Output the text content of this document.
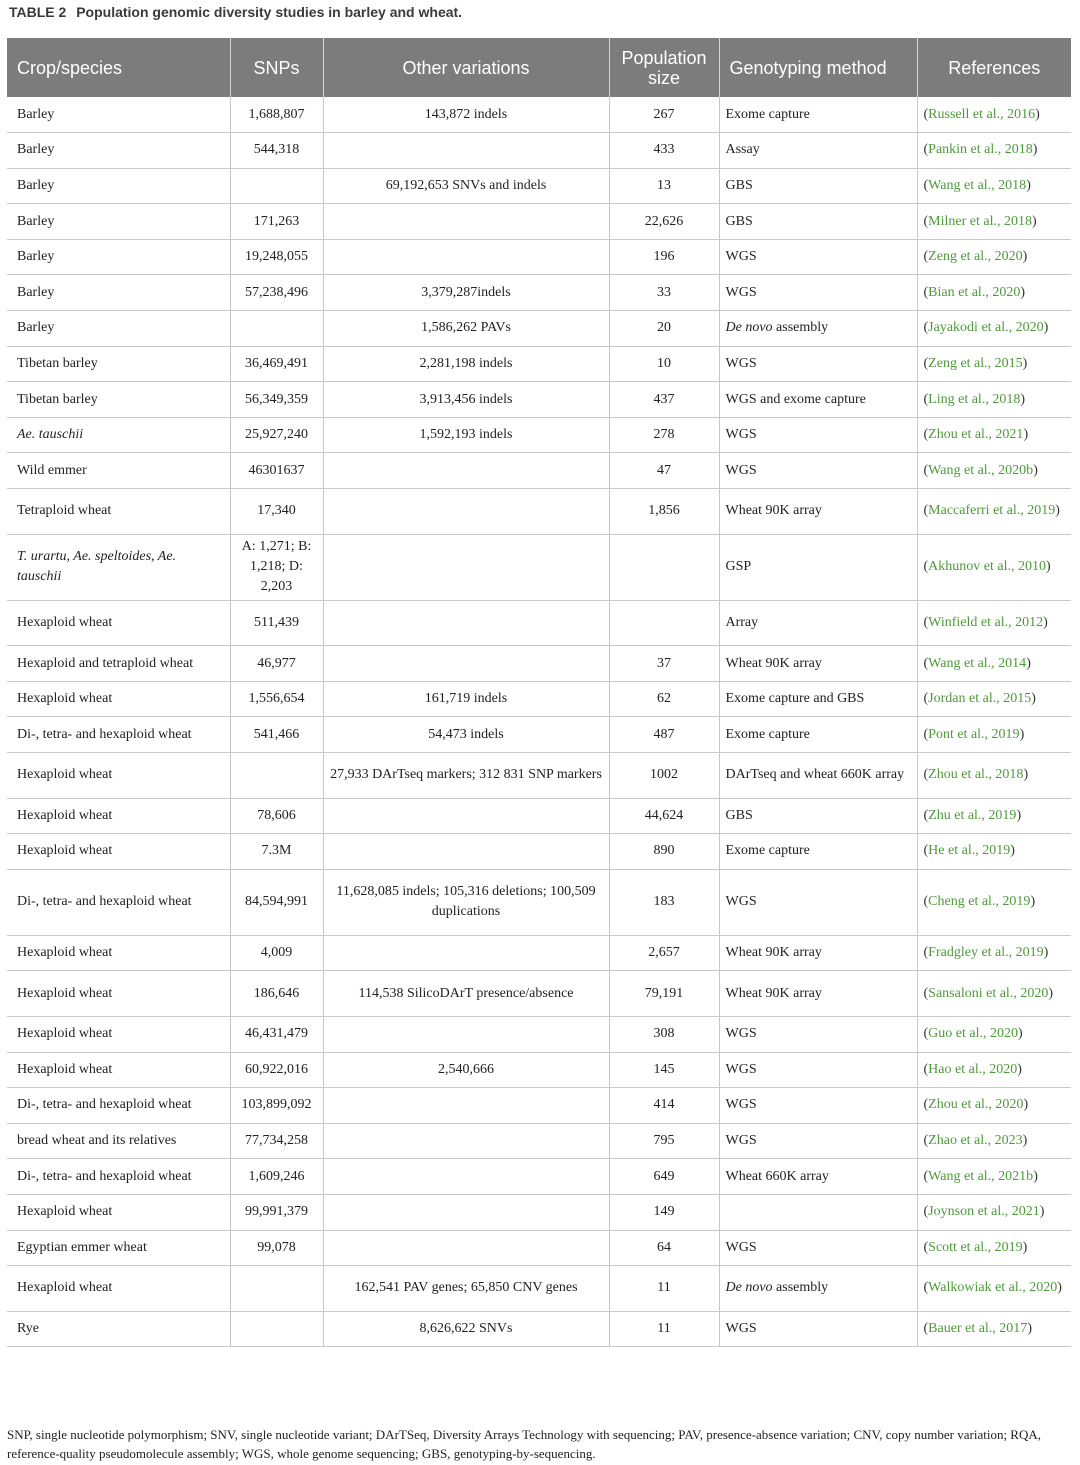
TABLE 2 Population genomic diversity studies in barley and wheat.
Crop/species	SNPs	Other variations	Population size	Genotyping method	References
Barley	1,688,807	143,872 indels	267	Exome capture	(Russell et al., 2016)
Barley	544,318		433	Assay	(Pankin et al., 2018)
Barley		69,192,653 SNVs and indels	13	GBS	(Wang et al., 2018)
Barley	171,263		22,626	GBS	(Milner et al., 2018)
Barley	19,248,055		196	WGS	(Zeng et al., 2020)
Barley	57,238,496	3,379,287indels	33	WGS	(Bian et al., 2020)
Barley		1,586,262 PAVs	20	De novo assembly	(Jayakodi et al., 2020)
Tibetan barley	36,469,491	2,281,198 indels	10	WGS	(Zeng et al., 2015)
Tibetan barley	56,349,359	3,913,456 indels	437	WGS and exome capture	(Ling et al., 2018)
Ae. tauschii	25,927,240	1,592,193 indels	278	WGS	(Zhou et al., 2021)
Wild emmer	46301637		47	WGS	(Wang et al., 2020b)
Tetraploid wheat	17,340		1,856	Wheat 90K array	(Maccaferri et al., 2019)
T. urartu, Ae. speltoides, Ae. tauschii	A: 1,271; B: 1,218; D: 2,203			GSP	(Akhunov et al., 2010)
Hexaploid wheat	511,439			Array	(Winfield et al., 2012)
Hexaploid and tetraploid wheat	46,977		37	Wheat 90K array	(Wang et al., 2014)
Hexaploid wheat	1,556,654	161,719 indels	62	Exome capture and GBS	(Jordan et al., 2015)
Di-, tetra- and hexaploid wheat	541,466	54,473 indels	487	Exome capture	(Pont et al., 2019)
Hexaploid wheat		27,933 DArTseq markers; 312 831 SNP markers	1002	DArTseq and wheat 660K array	(Zhou et al., 2018)
Hexaploid wheat	78,606		44,624	GBS	(Zhu et al., 2019)
Hexaploid wheat	7.3M		890	Exome capture	(He et al., 2019)
Di-, tetra- and hexaploid wheat	84,594,991	11,628,085 indels; 105,316 deletions; 100,509 duplications	183	WGS	(Cheng et al., 2019)
Hexaploid wheat	4,009		2,657	Wheat 90K array	(Fradgley et al., 2019)
Hexaploid wheat	186,646	114,538 SilicoDArT presence/absence	79,191	Wheat 90K array	(Sansaloni et al., 2020)
Hexaploid wheat	46,431,479		308	WGS	(Guo et al., 2020)
Hexaploid wheat	60,922,016	2,540,666	145	WGS	(Hao et al., 2020)
Di-, tetra- and hexaploid wheat	103,899,092		414	WGS	(Zhou et al., 2020)
bread wheat and its relatives	77,734,258		795	WGS	(Zhao et al., 2023)
Di-, tetra- and hexaploid wheat	1,609,246		649	Wheat 660K array	(Wang et al., 2021b)
Hexaploid wheat	99,991,379		149		(Joynson et al., 2021)
Egyptian emmer wheat	99,078		64	WGS	(Scott et al., 2019)
Hexaploid wheat		162,541 PAV genes; 65,850 CNV genes	11	De novo assembly	(Walkowiak et al., 2020)
Rye		8,626,622 SNVs	11	WGS	(Bauer et al., 2017)
SNP, single nucleotide polymorphism; SNV, single nucleotide variant; DArTSeq, Diversity Arrays Technology with sequencing; PAV, presence-absence variation; CNV, copy number variation; RQA, reference-quality pseudomolecule assembly; WGS, whole genome sequencing; GBS, genotyping-by-sequencing.
